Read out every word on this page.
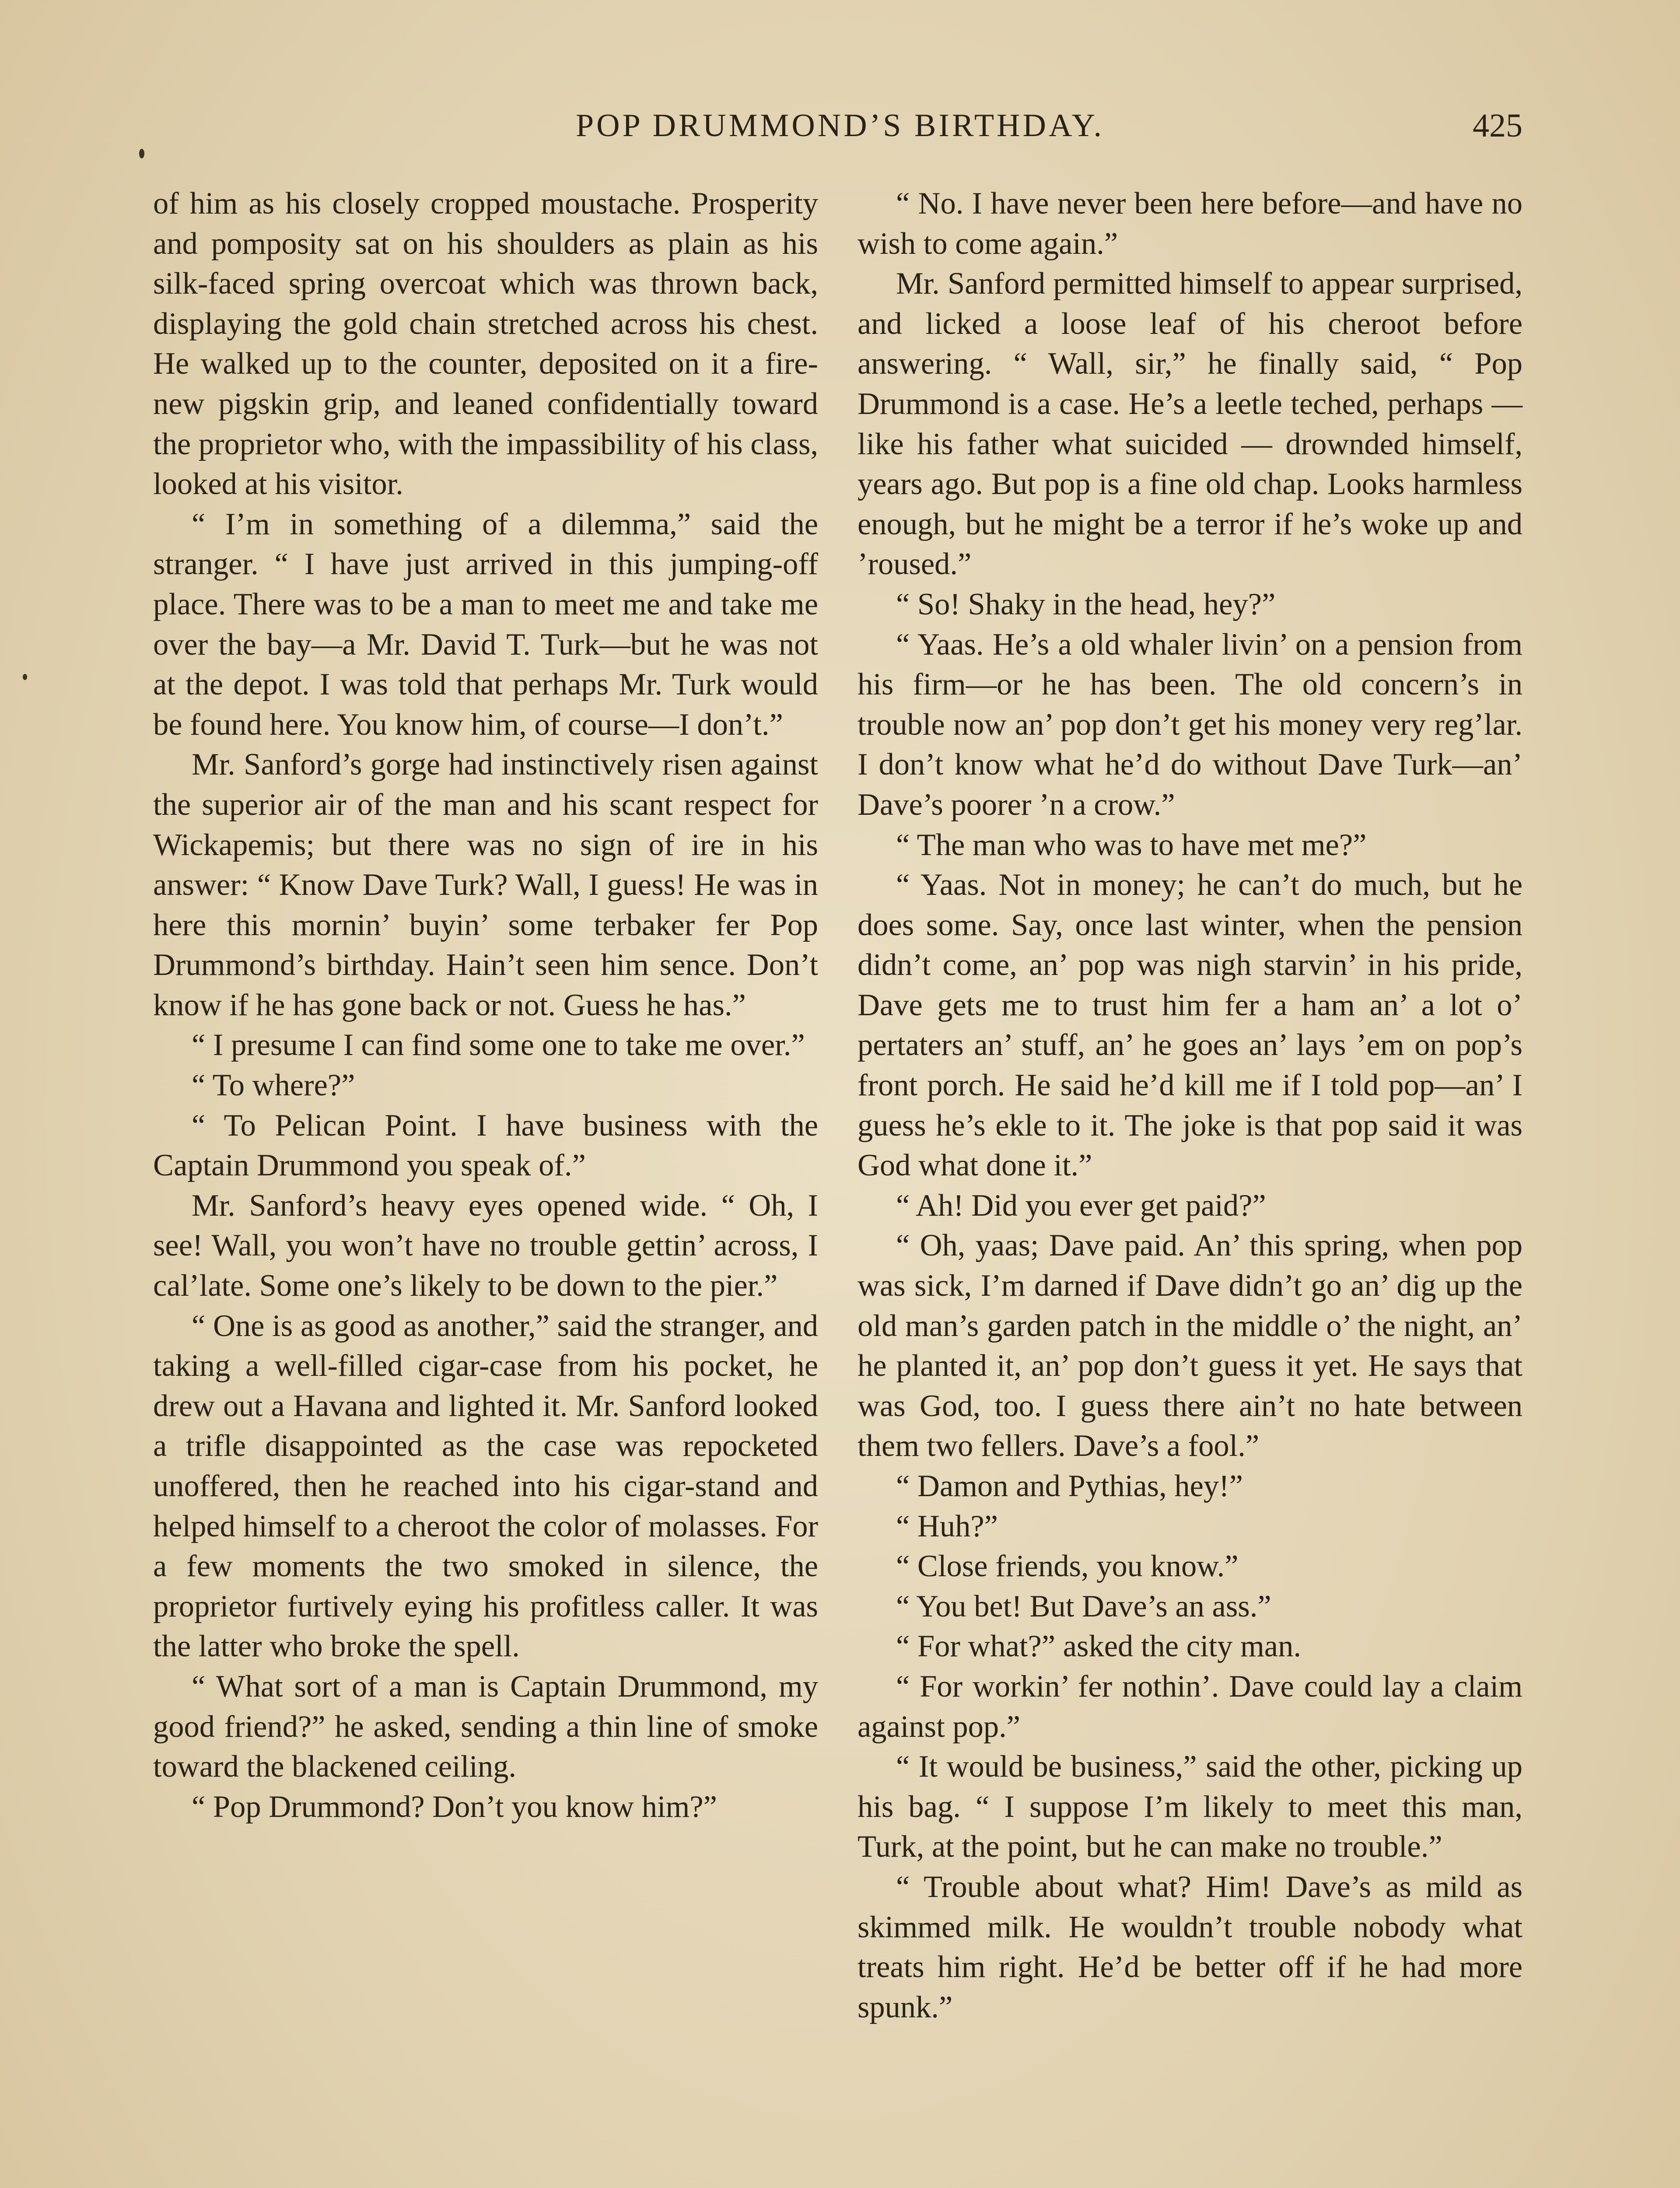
POP DRUMMOND’S BIRTHDAY.	425

of him as his closely cropped moustache. Prosperity and pomposity sat on his shoulders as plain as his silk-faced spring overcoat which was thrown back, displaying the gold chain stretched across his chest. He walked up to the counter, deposited on it a fire-new pigskin grip, and leaned confidentially toward the proprietor who, with the impassibility of his class, looked at his visitor.

“ I’m in something of a dilemma,” said the stranger. “ I have just arrived in this jumping-off place. There was to be a man to meet me and take me over the bay—a Mr. David T. Turk—but he was not at the depot. I was told that perhaps Mr. Turk would be found here. You know him, of course—I don’t.”

Mr. Sanford’s gorge had instinctively risen against the superior air of the man and his scant respect for Wickapemis; but there was no sign of ire in his answer: “ Know Dave Turk? Wall, I guess! He was in here this mornin’ buyin’ some terbaker fer Pop Drummond’s birthday. Hain’t seen him sence. Don’t know if he has gone back or not. Guess he has.”

“ I presume I can find some one to take me over.”

“ To where?”

“ To Pelican Point. I have business with the Captain Drummond you speak of.”

Mr. Sanford’s heavy eyes opened wide. “ Oh, I see! Wall, you won’t have no trouble gettin’ across, I cal’late. Some one’s likely to be down to the pier.”

“ One is as good as another,” said the stranger, and taking a well-filled cigar-case from his pocket, he drew out a Havana and lighted it. Mr. Sanford looked a trifle disappointed as the case was repocketed unoffered, then he reached into his cigar-stand and helped himself to a cheroot the color of molasses. For a few moments the two smoked in silence, the proprietor furtively eying his profitless caller. It was the latter who broke the spell.

“ What sort of a man is Captain Drummond, my good friend?” he asked, sending a thin line of smoke toward the blackened ceiling.

“ Pop Drummond? Don’t you know him?”

“ No. I have never been here before—and have no wish to come again.”

Mr. Sanford permitted himself to appear surprised, and licked a loose leaf of his cheroot before answering. “ Wall, sir,” he finally said, “ Pop Drummond is a case. He’s a leetle teched, perhaps — like his father what suicided — drownded himself, years ago. But pop is a fine old chap. Looks harmless enough, but he might be a terror if he’s woke up and ’roused.”

“ So! Shaky in the head, hey?”

“ Yaas. He’s a old whaler livin’ on a pension from his firm—or he has been. The old concern’s in trouble now an’ pop don’t get his money very reg’lar. I don’t know what he’d do without Dave Turk—an’ Dave’s poorer ’n a crow.”

“ The man who was to have met me?”

“ Yaas. Not in money; he can’t do much, but he does some. Say, once last winter, when the pension didn’t come, an’ pop was nigh starvin’ in his pride, Dave gets me to trust him fer a ham an’ a lot o’ pertaters an’ stuff, an’ he goes an’ lays ’em on pop’s front porch. He said he’d kill me if I told pop—an’ I guess he’s ekle to it. The joke is that pop said it was God what done it.”

“ Ah! Did you ever get paid?”

“ Oh, yaas; Dave paid. An’ this spring, when pop was sick, I’m darned if Dave didn’t go an’ dig up the old man’s garden patch in the middle o’ the night, an’ he planted it, an’ pop don’t guess it yet. He says that was God, too. I guess there ain’t no hate between them two fellers. Dave’s a fool.”

“ Damon and Pythias, hey!”

“ Huh?”

“ Close friends, you know.”

“ You bet! But Dave’s an ass.”

“ For what?” asked the city man.

“ For workin’ fer nothin’. Dave could lay a claim against pop.”

“ It would be business,” said the other, picking up his bag. “ I suppose I’m likely to meet this man, Turk, at the point, but he can make no trouble.”

“ Trouble about what? Him! Dave’s as mild as skimmed milk. He wouldn’t trouble nobody what treats him right. He’d be better off if he had more spunk.”
